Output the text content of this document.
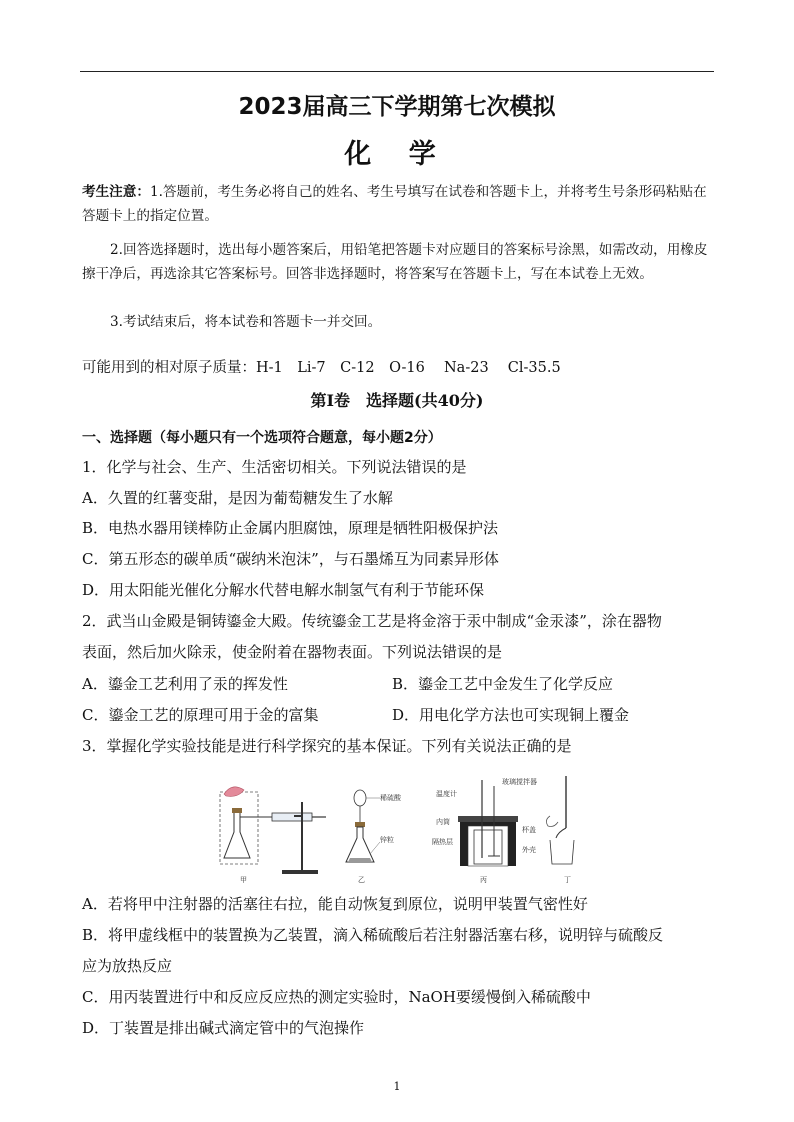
2023届高三下学期第七次模拟
化 学
考生注意：1.答题前，考生务必将自己的姓名、考生号填写在试卷和答题卡上，并将考生号条形码粘贴在答题卡上的指定位置。
2.回答选择题时，选出每小题答案后，用铅笔把答题卡对应题目的答案标号涂黑，如需改动，用橡皮擦干净后，再选涂其它答案标号。回答非选择题时，将答案写在答题卡上，写在本试卷上无效。
3.考试结束后，将本试卷和答题卡一并交回。
可能用到的相对原子质量：H-1　Li-7　C-12　O-16　 Na-23　 Cl-35.5
第Ⅰ卷　选择题(共40分)
一、选择题（每小题只有一个选项符合题意，每小题2分）
1．化学与社会、生产、生活密切相关。下列说法错误的是
A．久置的红薯变甜，是因为葡萄糖发生了水解
B．电热水器用镁棒防止金属内胆腐蚀，原理是牺牲阳极保护法
C．第五形态的碳单质“碳纳米泡沫”，与石墨烯互为同素异形体
D．用太阳能光催化分解水代替电解水制氢气有利于节能环保
2．武当山金殿是铜铸鎏金大殿。传统鎏金工艺是将金溶于汞中制成“金汞漆”，涂在器物
表面，然后加火除汞，使金附着在器物表面。下列说法错误的是
A．鎏金工艺利用了汞的挥发性	B．鎏金工艺中金发生了化学反应
C．鎏金工艺的原理可用于金的富集	D．用电化学方法也可实现铜上覆金
3．掌握化学实验技能是进行科学探究的基本保证。下列有关说法正确的是
甲
稀硫酸
锌粒
乙
温度计
玻璃搅拌器
内筒
隔热层
杯盖
外壳
丙	丁
A．若将甲中注射器的活塞往右拉，能自动恢复到原位，说明甲装置气密性好
B．将甲虚线框中的装置换为乙装置，滴入稀硫酸后若注射器活塞右移，说明锌与硫酸反
应为放热反应
C．用丙装置进行中和反应反应热的测定实验时，NaOH要缓慢倒入稀硫酸中
D．丁装置是排出碱式滴定管中的气泡操作
1
